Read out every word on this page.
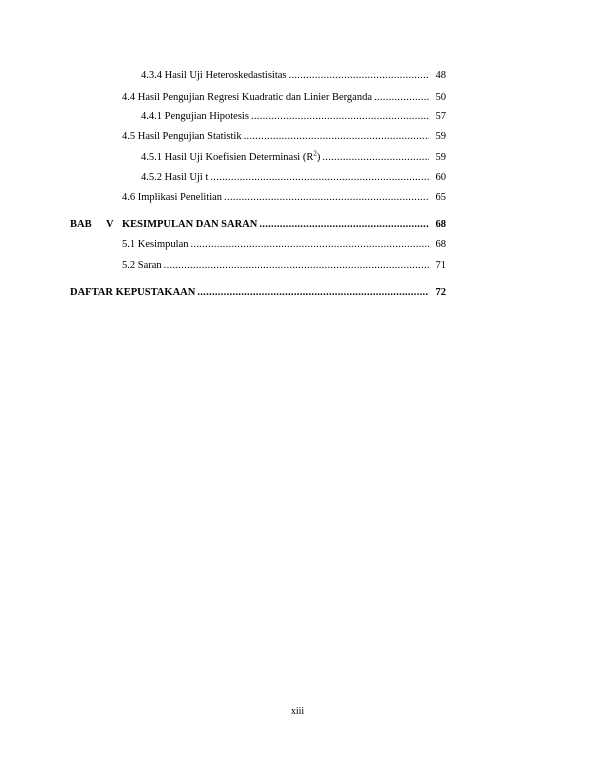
4.3.4 Hasil Uji Heteroskedastisitas .....	48
4.4 Hasil Pengujian Regresi Kuadratic dan Linier Berganda .....	50
4.4.1 Pengujian Hipotesis .....	57
4.5 Hasil Pengujian Statistik .....	59
4.5.1 Hasil Uji Koefisien Determinasi $(R^2)$ .....	59
4.5.2 Hasil Uji t .....	60
4.6 Implikasi Penelitian .....	65
BAB V KESIMPULAN DAN SARAN .....	68
5.1 Kesimpulan .....	68
5.2 Saran .....	71
DAFTAR KEPUSTAKAAN .....	72
xiii
